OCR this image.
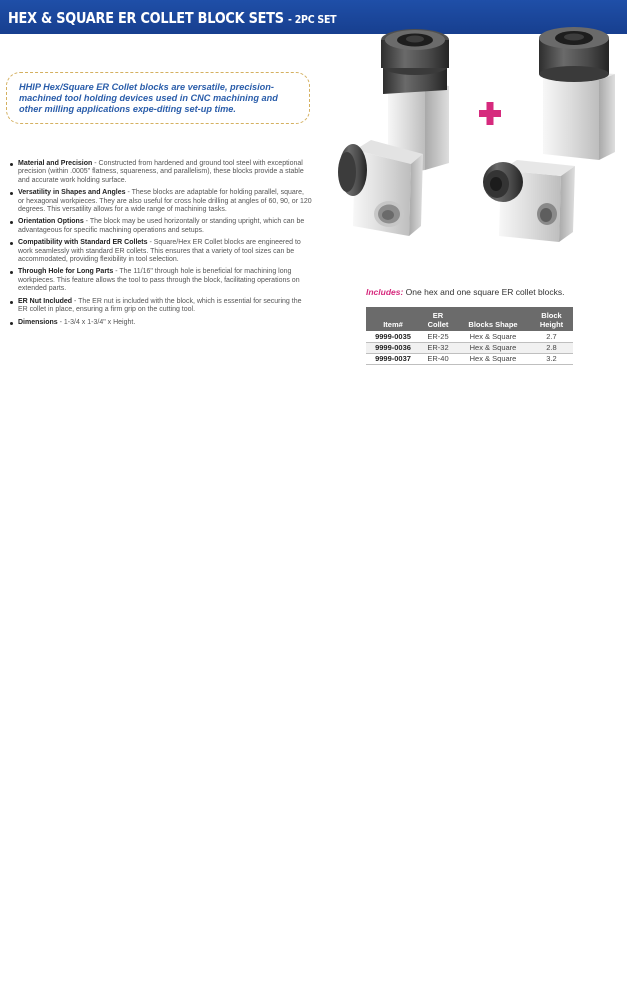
HEX & SQUARE ER COLLET BLOCK SETS - 2PC SET

HHIP Hex/Square ER Collet blocks are versatile, precision-machined tool holding devices used in CNC machining and other milling applications expe-diting set-up time.

Material and Precision - Constructed from hardened and ground tool steel with exceptional precision (within .0005" flatness, squareness, and parallelism), these blocks provide a stable and accurate work holding surface.
Versatility in Shapes and Angles - These blocks are adaptable for holding parallel, square, or hexagonal workpieces. They are also useful for cross hole drilling at angles of 60, 90, or 120 degrees. This versatility allows for a wide range of machining tasks.
Orientation Options - The block may be used horizontally or standing upright, which can be advantageous for specific machining operations and setups.
Compatibility with Standard ER Collets - Square/Hex ER Collet blocks are engineered to work seamlessly with standard ER collets. This ensures that a variety of tool sizes can be accommodated, providing flexibility in tool selection.
Through Hole for Long Parts - The 11/16" through hole is beneficial for machining long workpieces. This feature allows the tool to pass through the block, facilitating operations on extended parts.
ER Nut Included - The ER nut is included with the block, which is essential for securing the ER collet in place, ensuring a firm grip on the cutting tool.
Dimensions - 1-3/4 x 1-3/4" x Height.
Includes: One hex and one square ER collet blocks.
Item#	ER Collet	Blocks Shape	Block Height
9999-0035	ER-25	Hex & Square	2.7
9999-0036	ER-32	Hex & Square	2.8
9999-0037	ER-40	Hex & Square	3.2
